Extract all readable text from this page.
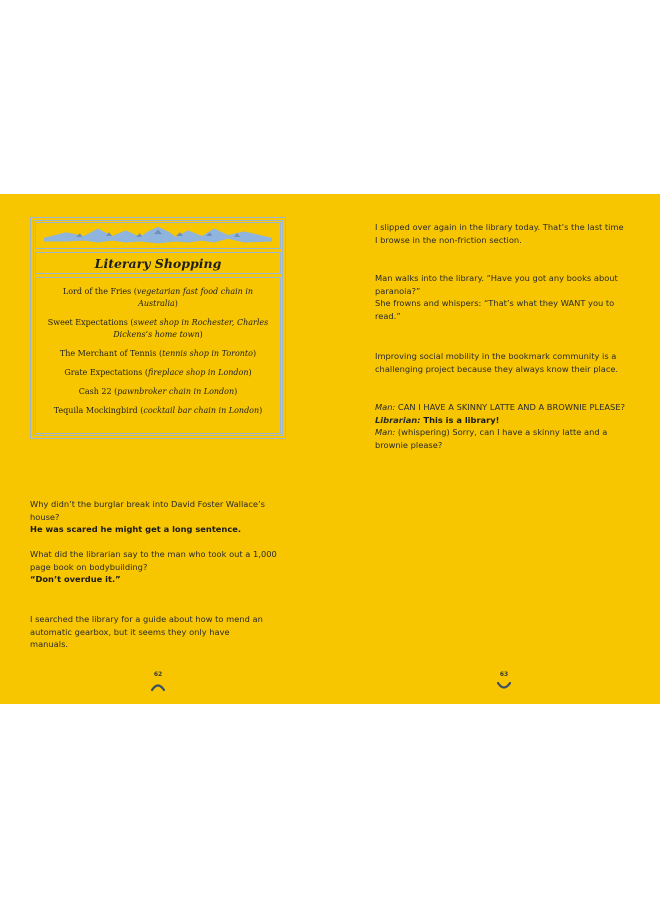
Literary Shopping
Lord of the Fries (vegetarian fast food chain in Australia)
Sweet Expectations (sweet shop in Rochester, Charles Dickens’s home town)
The Merchant of Tennis (tennis shop in Toronto)
Grate Expectations (fireplace shop in London)
Cash 22 (pawnbroker chain in London)
Tequila Mockingbird (cocktail bar chain in London)
Why didn’t the burglar break into David Foster Wallace’s house?
He was scared he might get a long sentence.
What did the librarian say to the man who took out a 1,000 page book on bodybuilding?
“Don’t overdue it.”
I searched the library for a guide about how to mend an automatic gearbox, but it seems they only have manuals.
62
I slipped over again in the library today. That’s the last time I browse in the non-friction section.
Man walks into the library. “Have you got any books about paranoia?”
She frowns and whispers: “That’s what they WANT you to read.”
Improving social mobility in the bookmark community is a challenging project because they always know their place.
Man: CAN I HAVE A SKINNY LATTE AND A BROWNIE PLEASE?
Librarian: This is a library!
Man: (whispering) Sorry, can I have a skinny latte and a brownie please?
63
